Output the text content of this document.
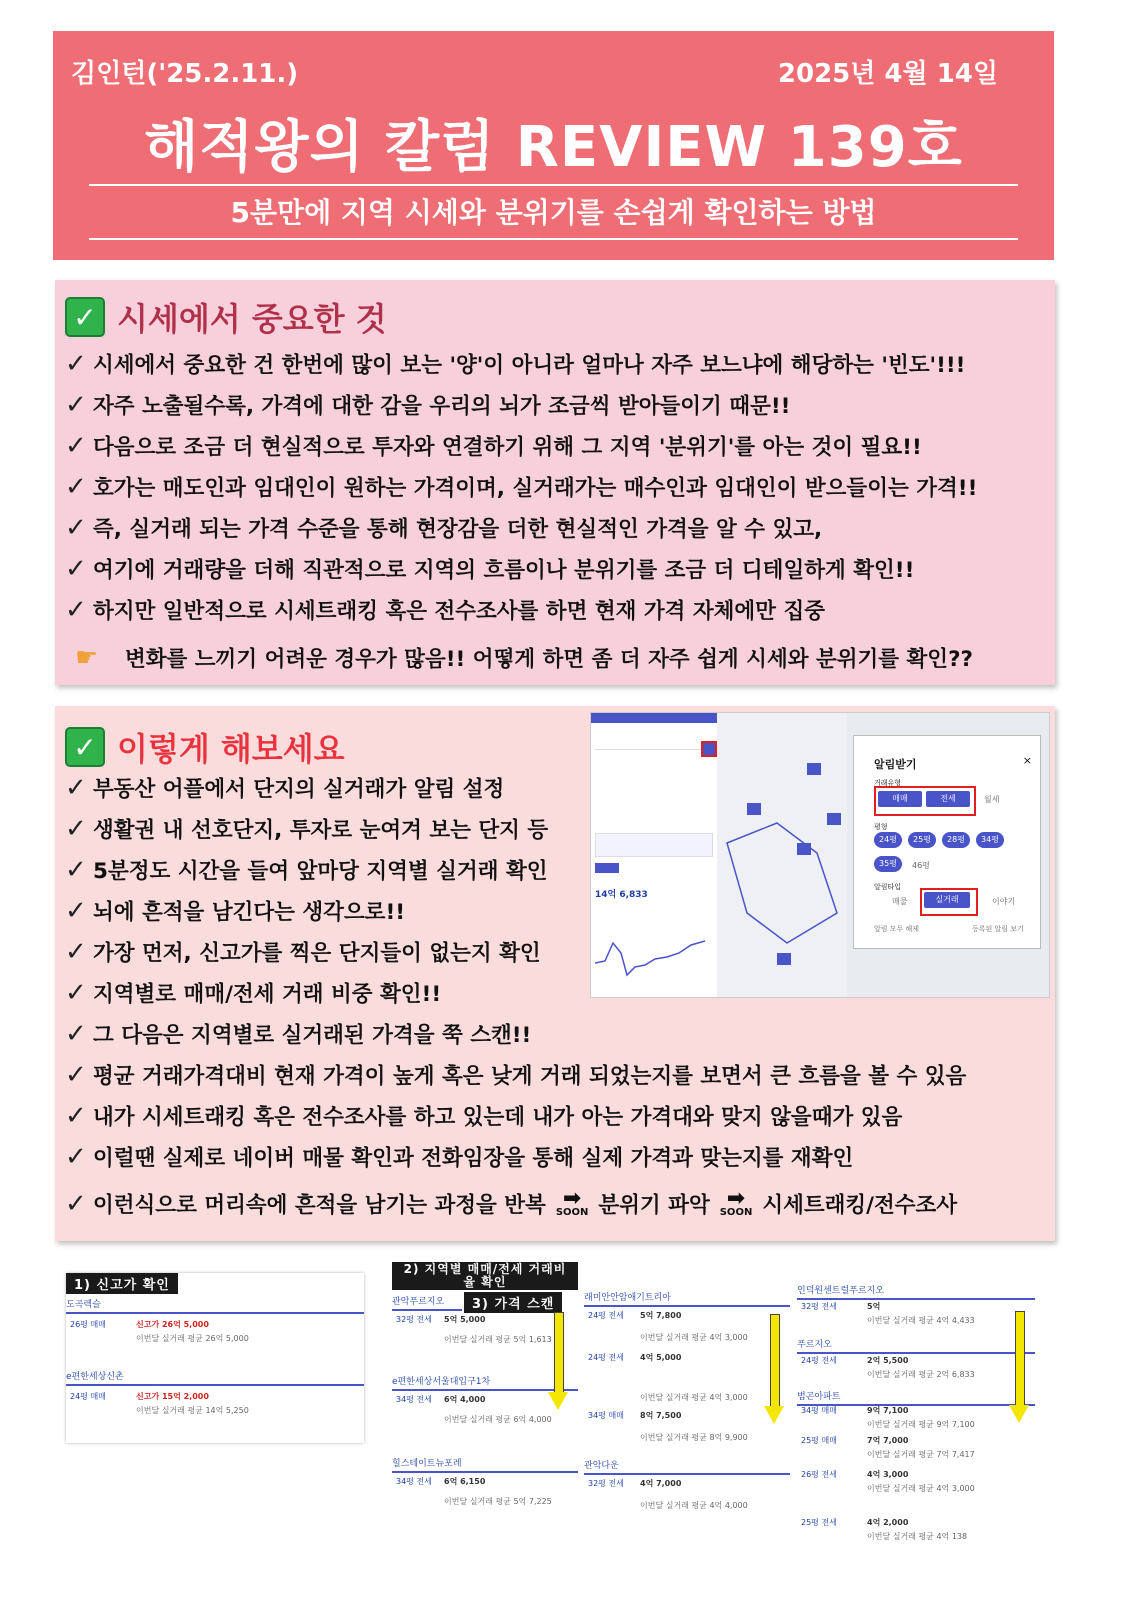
김인턴('25.2.11.)	2025년 4월 14일
해적왕의 칼럼 REVIEW 139호
5분만에 지역 시세와 분위기를 손쉽게 확인하는 방법
✓ 시세에서 중요한 것
✓ 시세에서 중요한 건 한번에 많이 보는 '양'이 아니라 얼마나 자주 보느냐에 해당하는 '빈도'!!!
✓ 자주 노출될수록, 가격에 대한 감을 우리의 뇌가 조금씩 받아들이기 때문!!
✓ 다음으로 조금 더 현실적으로 투자와 연결하기 위해 그 지역 '분위기'를 아는 것이 필요!!
✓ 호가는 매도인과 임대인이 원하는 가격이며, 실거래가는 매수인과 임대인이 받으들이는 가격!!
✓ 즉, 실거래 되는 가격 수준을 통해 현장감을 더한 현실적인 가격을 알 수 있고,
✓ 여기에 거래량을 더해 직관적으로 지역의 흐름이나 분위기를 조금 더 디테일하게 확인!!
✓ 하지만 일반적으로 시세트래킹 혹은 전수조사를 하면 현재 가격 자체에만 집중
☛	변화를 느끼기 어려운 경우가 많음!! 어떻게 하면 좀 더 자주 쉽게 시세와 분위기를 확인??
✓ 이렇게 해보세요
✓ 부동산 어플에서 단지의 실거래가 알림 설정
✓ 생활권 내 선호단지, 투자로 눈여겨 보는 단지 등
✓ 5분정도 시간을 들여 앞마당 지역별 실거래 확인
✓ 뇌에 흔적을 남긴다는 생각으로!!
✓ 가장 먼저, 신고가를 찍은 단지들이 없는지 확인
✓ 지역별로 매매/전세 거래 비중 확인!!
✓ 그 다음은 지역별로 실거래된 가격을 쭉 스캔!!
✓ 평균 거래가격대비 현재 가격이 높게 혹은 낮게 거래 되었는지를 보면서 큰 흐름을 볼 수 있음
✓ 내가 시세트래킹 혹은 전수조사를 하고 있는데 내가 아는 가격대와 맞지 않을때가 있음
✓ 이럴땐 실제로 네이버 매물 확인과 전화임장을 통해 실제 가격과 맞는지를 재확인
✓ 이런식으로 머리속에 흔적을 남기는 과정을 반복 ➡
SOON 분위기 파악 ➡
SOON 시세트래킹/전수조사
14억 6,833
알림받기	×
거래유형
매매	전세	월세
평형
24평	25평	28평	34평
35평	46평
알림타입
매물	실거래	이야기
알림 모두 해제	등록된 알림 보기
1) 신고가 확인
도곡렉슬
26평 매매	신고가 26억 5,000
이번달 실거래 평균 26억 5,000
e편한세상신촌
24평 매매	신고가 15억 2,000
이번달 실거래 평균 14억 5,250
2) 지역별 매매/전세 거래비율 확인
3) 가격 스캔
관악푸르지오
32평 전세 5억 5,000
이번달 실거래 평균 5억 1,613
e편한세상서울대입구1차
34평 전세 6억 4,000
이번달 실거래 평균 6억 4,000
힐스테이트뉴포레
34평 전세 6억 6,150
이번달 실거래 평균 5억 7,225
래미안안암애기트리아
24평 전세 5억 7,800
이번달 실거래 평균 4억 3,000
24평 전세 4억 5,000
이번달 실거래 평균 4억 3,000
34평 매매 8억 7,500
이번달 실거래 평균 8억 9,900
관악다운
32평 전세 4억 7,000
이번달 실거래 평균 4억 4,000
인덕원센트럴푸르지오
32평 전세	5억
이번달 실거래 평균 4억 4,433
푸르지오
24평 전세	2억 5,500
이번달 실거래 평균 2억 6,833
범곤아파트
34평 매매	9억 7,100
이번달 실거래 평균 9억 7,100
25평 매매	7억 7,000
이번달 실거래 평균 7억 7,417
26평 전세	4억 3,000
이번달 실거래 평균 4억 3,000
25평 전세	4억 2,000
이번달 실거래 평균 4억 138
